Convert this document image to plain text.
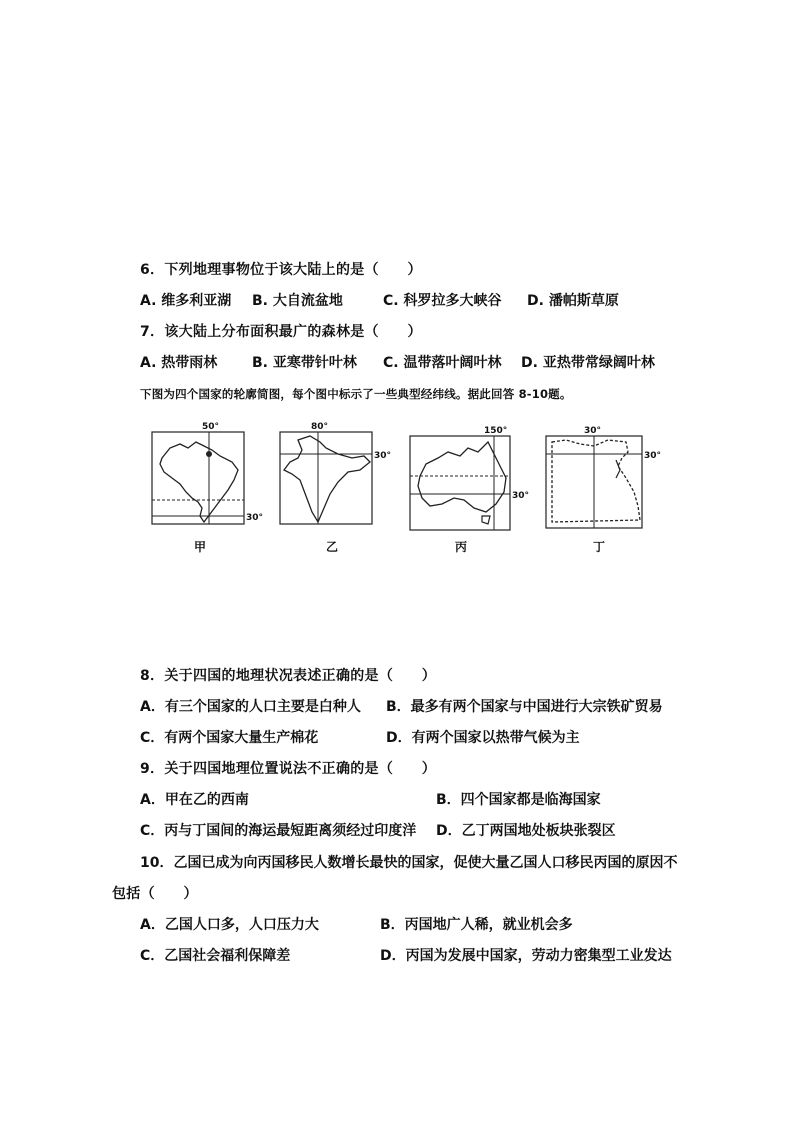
6．下列地理事物位于该大陆上的是（　　）
A. 维多利亚湖 B. 大自流盆地	C. 科罗拉多大峡谷 D. 潘帕斯草原
7．该大陆上分布面积最广的森林是（　　）
A. 热带雨林 B. 亚寒带针叶林 C. 温带落叶阔叶林 D. 亚热带常绿阔叶林
下图为四个国家的轮廓简图，每个图中标示了一些典型经纬线。据此回答 8-10题。
50°
30°
甲
80°
30°
乙
150°
30°
丙
30°
30°
丁
8．关于四国的地理状况表述正确的是（　　）
A．有三个国家的人口主要是白种人 B．最多有两个国家与中国进行大宗铁矿贸易
C．有两个国家大量生产棉花	D．有两个国家以热带气候为主
9．关于四国地理位置说法不正确的是（　　）
A．甲在乙的西南	B．四个国家都是临海国家
C．丙与丁国间的海运最短距离须经过印度洋 D．乙丁两国地处板块张裂区
10．乙国已成为向丙国移民人数增长最快的国家，促使大量乙国人口移民丙国的原因不
包括（　　）
A．乙国人口多，人口压力大	B．丙国地广人稀，就业机会多
C．乙国社会福利保障差	D．丙国为发展中国家，劳动力密集型工业发达
